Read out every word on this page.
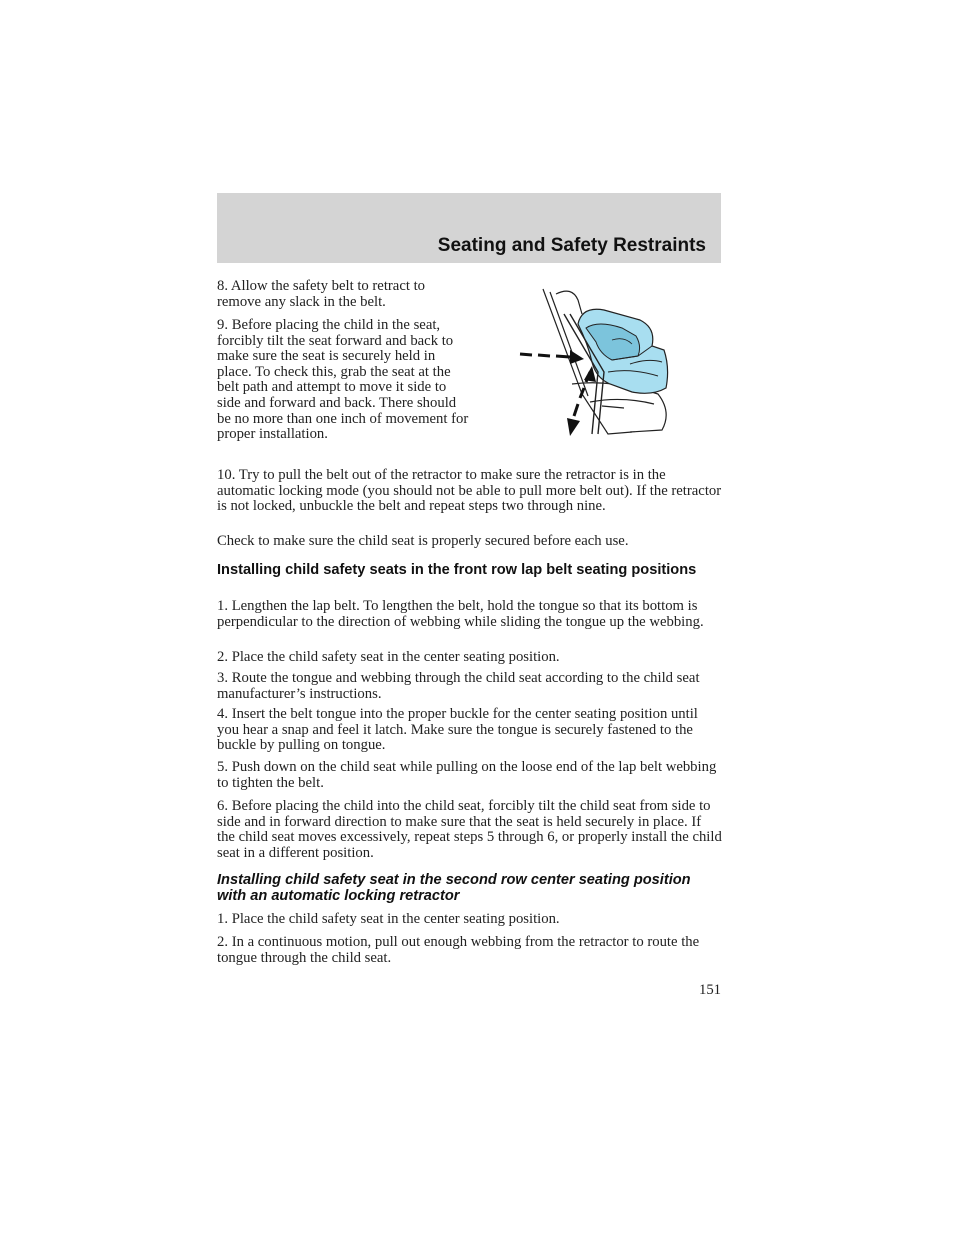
Seating and Safety Restraints

8. Allow the safety belt to retract to remove any slack in the belt.

9. Before placing the child in the seat, forcibly tilt the seat forward and back to make sure the seat is securely held in place. To check this, grab the seat at the belt path and attempt to move it side to side and forward and back. There should be no more than one inch of movement for proper installation.

10. Try to pull the belt out of the retractor to make sure the retractor is in the automatic locking mode (you should not be able to pull more belt out). If the retractor is not locked, unbuckle the belt and repeat steps two through nine.

Check to make sure the child seat is properly secured before each use.

Installing child safety seats in the front row lap belt seating positions

1. Lengthen the lap belt. To lengthen the belt, hold the tongue so that its bottom is perpendicular to the direction of webbing while sliding the tongue up the webbing.

2. Place the child safety seat in the center seating position.

3. Route the tongue and webbing through the child seat according to the child seat manufacturer’s instructions.

4. Insert the belt tongue into the proper buckle for the center seating position until you hear a snap and feel it latch. Make sure the tongue is securely fastened to the buckle by pulling on tongue.

5. Push down on the child seat while pulling on the loose end of the lap belt webbing to tighten the belt.

6. Before placing the child into the child seat, forcibly tilt the child seat from side to side and in forward direction to make sure that the seat is held securely in place. If the child seat moves excessively, repeat steps 5 through 6, or properly install the child seat in a different position.

Installing child safety seat in the second row center seating position with an automatic locking retractor

1. Place the child safety seat in the center seating position.

2. In a continuous motion, pull out enough webbing from the retractor to route the tongue through the child seat.

151
